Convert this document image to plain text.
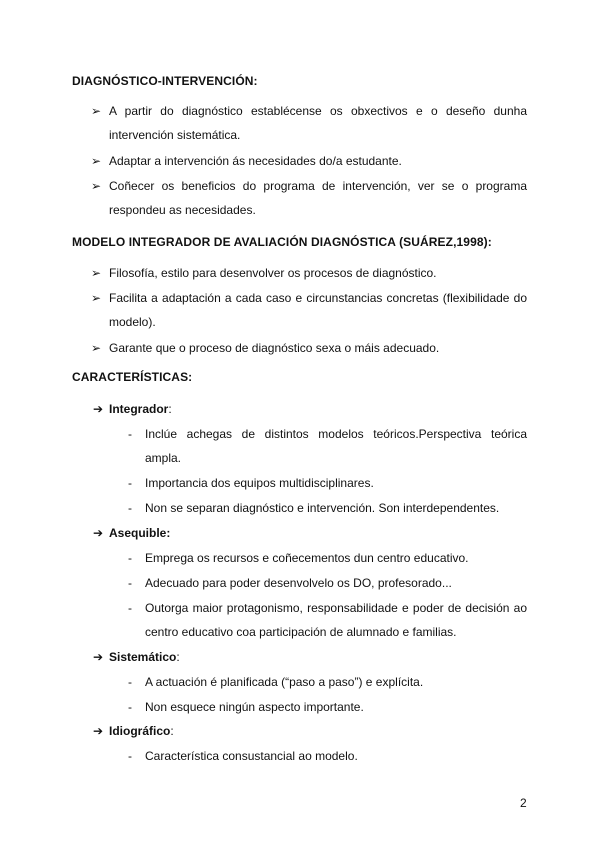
DIAGNÓSTICO-INTERVENCIÓN:
➢ A partir do diagnóstico establécense os obxectivos e o deseño dunha
intervención sistemática.
➢ Adaptar a intervención ás necesidades do/a estudante.
➢ Coñecer os beneficios do programa de intervención, ver se o programa
respondeu as necesidades.
MODELO INTEGRADOR DE AVALIACIÓN DIAGNÓSTICA (SUÁREZ,1998):
➢ Filosofía, estilo para desenvolver os procesos de diagnóstico.
➢ Facilita a adaptación a cada caso e circunstancias concretas (flexibilidade do
modelo).
➢ Garante que o proceso de diagnóstico sexa o máis adecuado.
CARACTERÍSTICAS:
➔ Integrador:
- Inclúe achegas de distintos modelos teóricos.Perspectiva teórica
ampla.
- Importancia dos equipos multidisciplinares.
- Non se separan diagnóstico e intervención. Son interdependentes.
➔ Asequible:
- Emprega os recursos e coñecementos dun centro educativo.
- Adecuado para poder desenvolvelo os DO, profesorado...
- Outorga maior protagonismo, responsabilidade e poder de decisión ao
centro educativo coa participación de alumnado e familias.
➔ Sistemático:
- A actuación é planificada (“paso a paso”) e explícita.
- Non esquece ningún aspecto importante.
➔ Idiográfico:
- Característica consustancial ao modelo.
2
